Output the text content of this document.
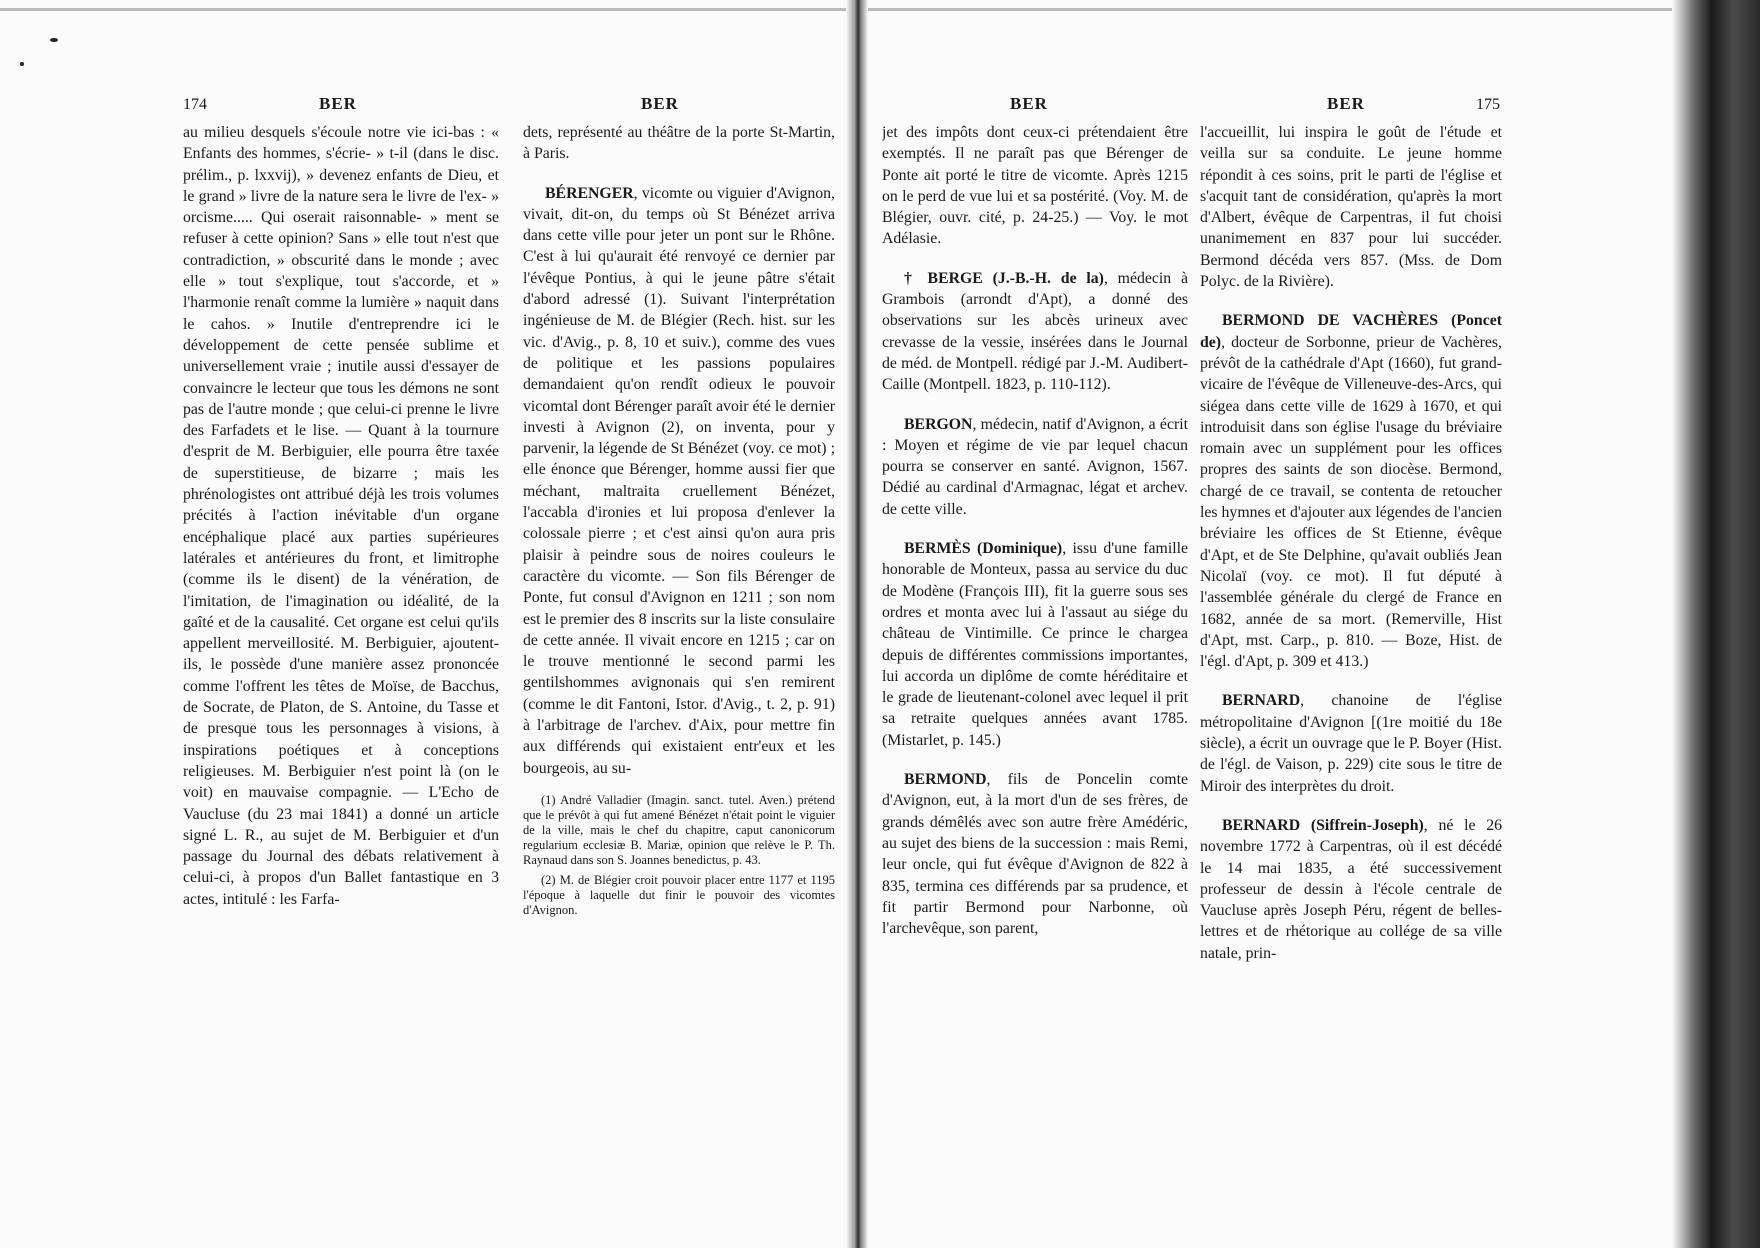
174	BER	BER

au milieu desquels s'écoule notre vie ici-bas : « Enfants des hommes, s'écrie- » t-il (dans le disc. prélim., p. lxxvij), » devenez enfants de Dieu, et le grand » livre de la nature sera le livre de l'ex- » orcisme..... Qui oserait raisonnable- » ment se refuser à cette opinion? Sans » elle tout n'est que contradiction, » obscurité dans le monde ; avec elle » tout s'explique, tout s'accorde, et » l'harmonie renaît comme la lumière » naquit dans le cahos. » Inutile d'entreprendre ici le développement de cette pensée sublime et universellement vraie ; inutile aussi d'essayer de convaincre le lecteur que tous les démons ne sont pas de l'autre monde ; que celui-ci prenne le livre des Farfadets et le lise. — Quant à la tournure d'esprit de M. Berbiguier, elle pourra être taxée de superstitieuse, de bizarre ; mais les phrénologistes ont attribué déjà les trois volumes précités à l'action inévitable d'un organe encéphalique placé aux parties supérieures latérales et antérieures du front, et limitrophe (comme ils le disent) de la vénération, de l'imitation, de l'imagination ou idéalité, de la gaîté et de la causalité. Cet organe est celui qu'ils appellent merveillosité. M. Berbiguier, ajoutent-ils, le possède d'une manière assez prononcée comme l'offrent les têtes de Moïse, de Bacchus, de Socrate, de Platon, de S. Antoine, du Tasse et de presque tous les personnages à visions, à inspirations poétiques et à conceptions religieuses. M. Berbiguier n'est point là (on le voit) en mauvaise compagnie. — L'Echo de Vaucluse (du 23 mai 1841) a donné un article signé L. R., au sujet de M. Berbiguier et d'un passage du Journal des débats relativement à celui-ci, à propos d'un Ballet fantastique en 3 actes, intitulé : les Farfa-

dets, représenté au théâtre de la porte St-Martin, à Paris.

BÉRENGER, vicomte ou viguier d'Avignon, vivait, dit-on, du temps où St Bénézet arriva dans cette ville pour jeter un pont sur le Rhône. C'est à lui qu'aurait été renvoyé ce dernier par l'évêque Pontius, à qui le jeune pâtre s'était d'abord adressé (1). Suivant l'interprétation ingénieuse de M. de Blégier (Rech. hist. sur les vic. d'Avig., p. 8, 10 et suiv.), comme des vues de politique et les passions populaires demandaient qu'on rendît odieux le pouvoir vicomtal dont Bérenger paraît avoir été le dernier investi à Avignon (2), on inventa, pour y parvenir, la légende de St Bénézet (voy. ce mot) ; elle énonce que Bérenger, homme aussi fier que méchant, maltraita cruellement Bénézet, l'accabla d'ironies et lui proposa d'enlever la colossale pierre ; et c'est ainsi qu'on aura pris plaisir à peindre sous de noires couleurs le caractère du vicomte. — Son fils Bérenger de Ponte, fut consul d'Avignon en 1211 ; son nom est le premier des 8 inscrits sur la liste consulaire de cette année. Il vivait encore en 1215 ; car on le trouve mentionné le second parmi les gentilshommes avignonais qui s'en remirent (comme le dit Fantoni, Istor. d'Avig., t. 2, p. 91) à l'arbitrage de l'archev. d'Aix, pour mettre fin aux différends qui existaient entr'eux et les bourgeois, au su-

(1) André Valladier (Imagin. sanct. tutel. Aven.) prétend que le prévôt à qui fut amené Bénézet n'était point le viguier de la ville, mais le chef du chapitre, caput canonicorum regularium ecclesiæ B. Mariæ, opinion que relève le P. Th. Raynaud dans son S. Joannes benedictus, p. 43.

(2) M. de Blégier croit pouvoir placer entre 1177 et 1195 l'époque à laquelle dut finir le pouvoir des vicomtes d'Avignon.

BER	BER	175

jet des impôts dont ceux-ci prétendaient être exemptés. Il ne paraît pas que Bérenger de Ponte ait porté le titre de vicomte. Après 1215 on le perd de vue lui et sa postérité. (Voy. M. de Blégier, ouvr. cité, p. 24-25.) — Voy. le mot Adélasie.

† BERGE (J.-B.-H. de la), médecin à Grambois (arrondt d'Apt), a donné des observations sur les abcès urineux avec crevasse de la vessie, insérées dans le Journal de méd. de Montpell. rédigé par J.-M. Audibert-Caille (Montpell. 1823, p. 110-112).

BERGON, médecin, natif d'Avignon, a écrit : Moyen et régime de vie par lequel chacun pourra se conserver en santé. Avignon, 1567. Dédié au cardinal d'Armagnac, légat et archev. de cette ville.

BERMÈS (Dominique), issu d'une famille honorable de Monteux, passa au service du duc de Modène (François III), fit la guerre sous ses ordres et monta avec lui à l'assaut au siége du château de Vintimille. Ce prince le chargea depuis de différentes commissions importantes, lui accorda un diplôme de comte héréditaire et le grade de lieutenant-colonel avec lequel il prit sa retraite quelques années avant 1785. (Mistarlet, p. 145.)

BERMOND, fils de Poncelin comte d'Avignon, eut, à la mort d'un de ses frères, de grands démêlés avec son autre frère Amédéric, au sujet des biens de la succession : mais Remi, leur oncle, qui fut évêque d'Avignon de 822 à 835, termina ces différends par sa prudence, et fit partir Bermond pour Narbonne, où l'archevêque, son parent,

l'accueillit, lui inspira le goût de l'étude et veilla sur sa conduite. Le jeune homme répondit à ces soins, prit le parti de l'église et s'acquit tant de considération, qu'après la mort d'Albert, évêque de Carpentras, il fut choisi unanimement en 837 pour lui succéder. Bermond décéda vers 857. (Mss. de Dom Polyc. de la Rivière).

BERMOND DE VACHÈRES (Poncet de), docteur de Sorbonne, prieur de Vachères, prévôt de la cathédrale d'Apt (1660), fut grand-vicaire de l'évêque de Villeneuve-des-Arcs, qui siégea dans cette ville de 1629 à 1670, et qui introduisit dans son église l'usage du bréviaire romain avec un supplément pour les offices propres des saints de son diocèse. Bermond, chargé de ce travail, se contenta de retoucher les hymnes et d'ajouter aux légendes de l'ancien bréviaire les offices de St Etienne, évêque d'Apt, et de Ste Delphine, qu'avait oubliés Jean Nicolaï (voy. ce mot). Il fut député à l'assemblée générale du clergé de France en 1682, année de sa mort. (Remerville, Hist d'Apt, mst. Carp., p. 810. — Boze, Hist. de l'égl. d'Apt, p. 309 et 413.)

BERNARD, chanoine de l'église métropolitaine d'Avignon [(1re moitié du 18e siècle), a écrit un ouvrage que le P. Boyer (Hist. de l'égl. de Vaison, p. 229) cite sous le titre de Miroir des interprètes du droit.

BERNARD (Siffrein-Joseph), né le 26 novembre 1772 à Carpentras, où il est décédé le 14 mai 1835, a été successivement professeur de dessin à l'école centrale de Vaucluse après Joseph Péru, régent de belles-lettres et de rhétorique au collége de sa ville natale, prin-
